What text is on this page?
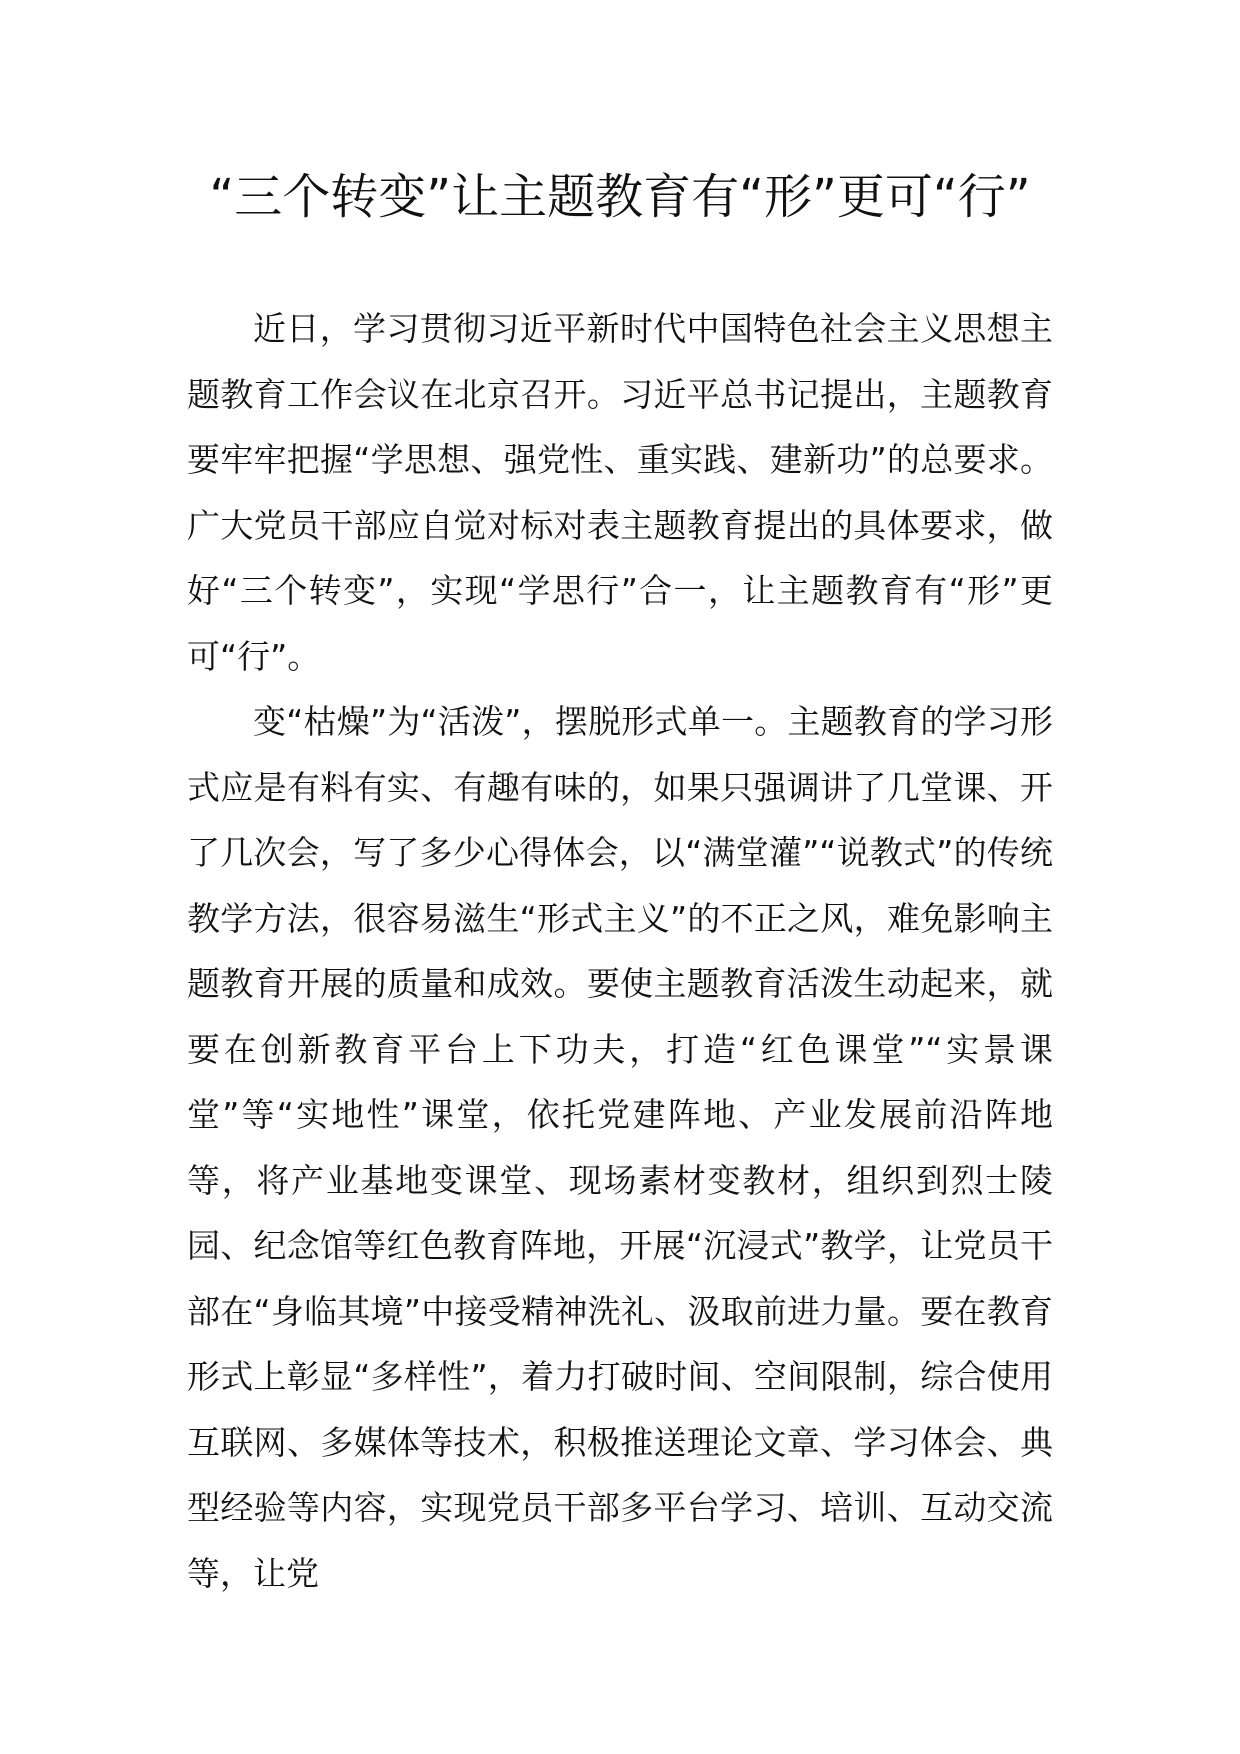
“三个转变”让主题教育有“形”更可“行”

近日，学习贯彻习近平新时代中国特色社会主义思想主题教育工作会议在北京召开。习近平总书记提出，主题教育要牢牢把握“学思想、强党性、重实践、建新功”的总要求。广大党员干部应自觉对标对表主题教育提出的具体要求，做好“三个转变”，实现“学思行”合一，让主题教育有“形”更可“行”。

变“枯燥”为“活泼”，摆脱形式单一。主题教育的学习形式应是有料有实、有趣有味的，如果只强调讲了几堂课、开了几次会，写了多少心得体会，以“满堂灌”“说教式”的传统教学方法，很容易滋生“形式主义”的不正之风，难免影响主题教育开展的质量和成效。要使主题教育活泼生动起来，就要在创新教育平台上下功夫，打造“红色课堂”“实景课堂”等“实地性”课堂，依托党建阵地、产业发展前沿阵地等，将产业基地变课堂、现场素材变教材，组织到烈士陵园、纪念馆等红色教育阵地，开展“沉浸式”教学，让党员干部在“身临其境”中接受精神洗礼、汲取前进力量。要在教育形式上彰显“多样性”，着力打破时间、空间限制，综合使用互联网、多媒体等技术，积极推送理论文章、学习体会、典型经验等内容，实现党员干部多平台学习、培训、互动交流等，让党
